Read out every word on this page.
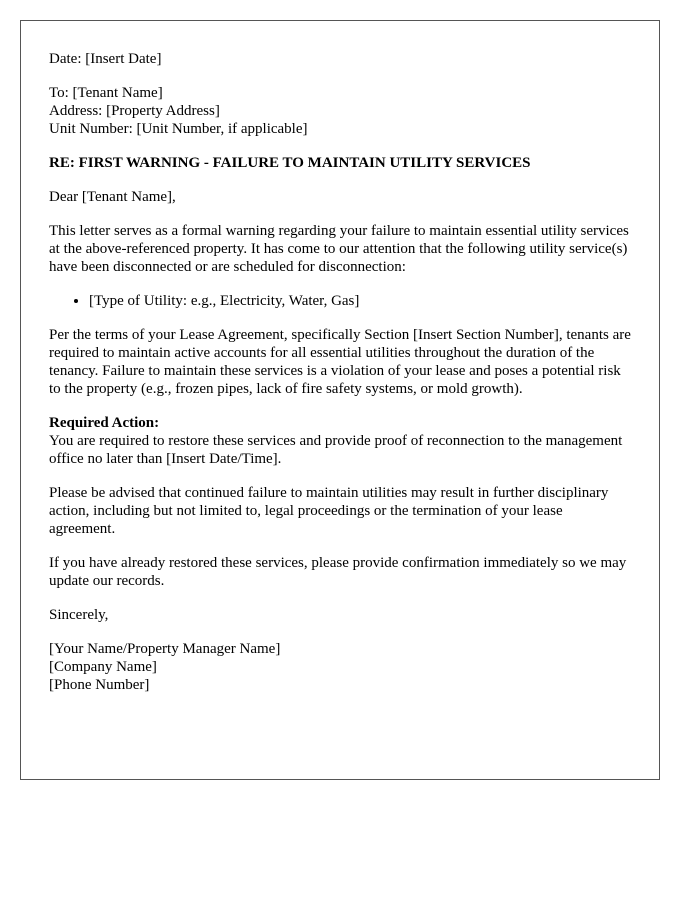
Date: [Insert Date]

To: [Tenant Name]
Address: [Property Address]
Unit Number: [Unit Number, if applicable]

RE: FIRST WARNING - FAILURE TO MAINTAIN UTILITY SERVICES

Dear [Tenant Name],

This letter serves as a formal warning regarding your failure to maintain essential utility services at the above-referenced property. It has come to our attention that the following utility service(s) have been disconnected or are scheduled for disconnection:

• [Type of Utility: e.g., Electricity, Water, Gas]

Per the terms of your Lease Agreement, specifically Section [Insert Section Number], tenants are required to maintain active accounts for all essential utilities throughout the duration of the tenancy. Failure to maintain these services is a violation of your lease and poses a potential risk to the property (e.g., frozen pipes, lack of fire safety systems, or mold growth).

Required Action:
You are required to restore these services and provide proof of reconnection to the management office no later than [Insert Date/Time].

Please be advised that continued failure to maintain utilities may result in further disciplinary action, including but not limited to, legal proceedings or the termination of your lease agreement.

If you have already restored these services, please provide confirmation immediately so we may update our records.

Sincerely,

[Your Name/Property Manager Name]
[Company Name]
[Phone Number]
